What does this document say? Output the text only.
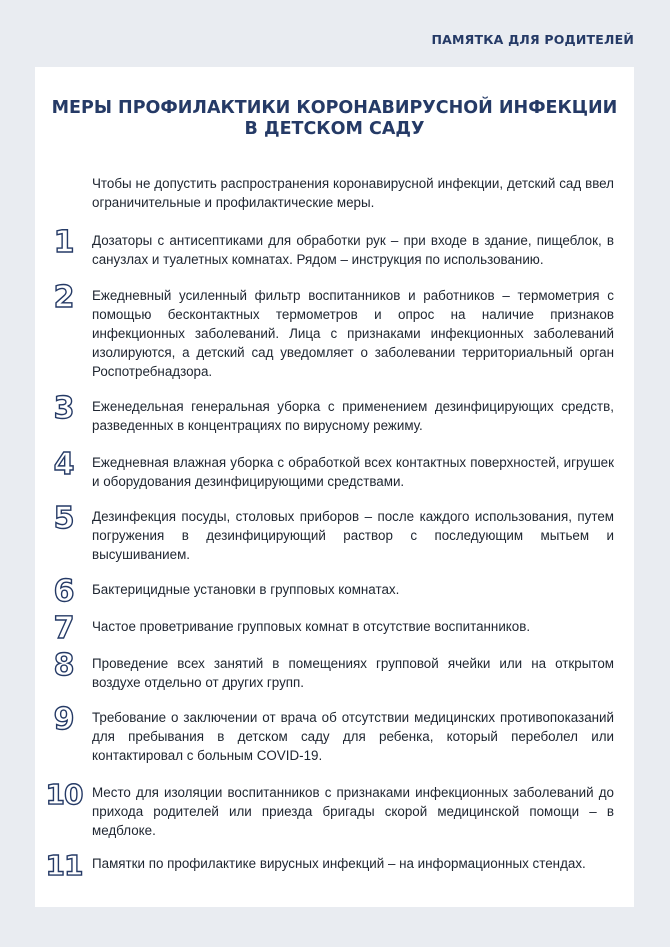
ПАМЯТКА ДЛЯ РОДИТЕЛЕЙ
МЕРЫ ПРОФИЛАКТИКИ КОРОНАВИРУСНОЙ ИНФЕКЦИИ
В ДЕТСКОМ САДУ

Чтобы не допустить распространения коронавирусной инфекции, детский сад ввел ограничительные и профилактические меры.

1	Дозаторы с антисептиками для обработки рук – при входе в здание, пищеблок, в санузлах и туалетных комнатах. Рядом – инструкция по использованию.

2	Ежедневный усиленный фильтр воспитанников и работников – термометрия с помощью бесконтактных термометров и опрос на наличие признаков инфекционных заболеваний. Лица с признаками инфекционных заболеваний изолируются, а детский сад уведомляет о заболевании территориальный орган Роспотребнадзора.

3	Еженедельная генеральная уборка с применением дезинфицирующих средств, разведенных в концентрациях по вирусному режиму.

4	Ежедневная влажная уборка с обработкой всех контактных поверхностей, игрушек и оборудования дезинфицирующими средствами.

5	Дезинфекция посуды, столовых приборов – после каждого использования, путем погружения в дезинфицирующий раствор с последующим мытьем и высушиванием.

6	Бактерицидные установки в групповых комнатах.

7	Частое проветривание групповых комнат в отсутствие воспитанников.

8	Проведение всех занятий в помещениях групповой ячейки или на открытом воздухе отдельно от других групп.

9	Требование о заключении от врача об отсутствии медицинских противопоказаний для пребывания в детском саду для ребенка, который переболел или контактировал с больным COVID-19.

10 Место для изоляции воспитанников с признаками инфекционных заболеваний до прихода родителей или приезда бригады скорой медицинской помощи – в медблоке.

11 Памятки по профилактике вирусных инфекций – на информационных стендах.
